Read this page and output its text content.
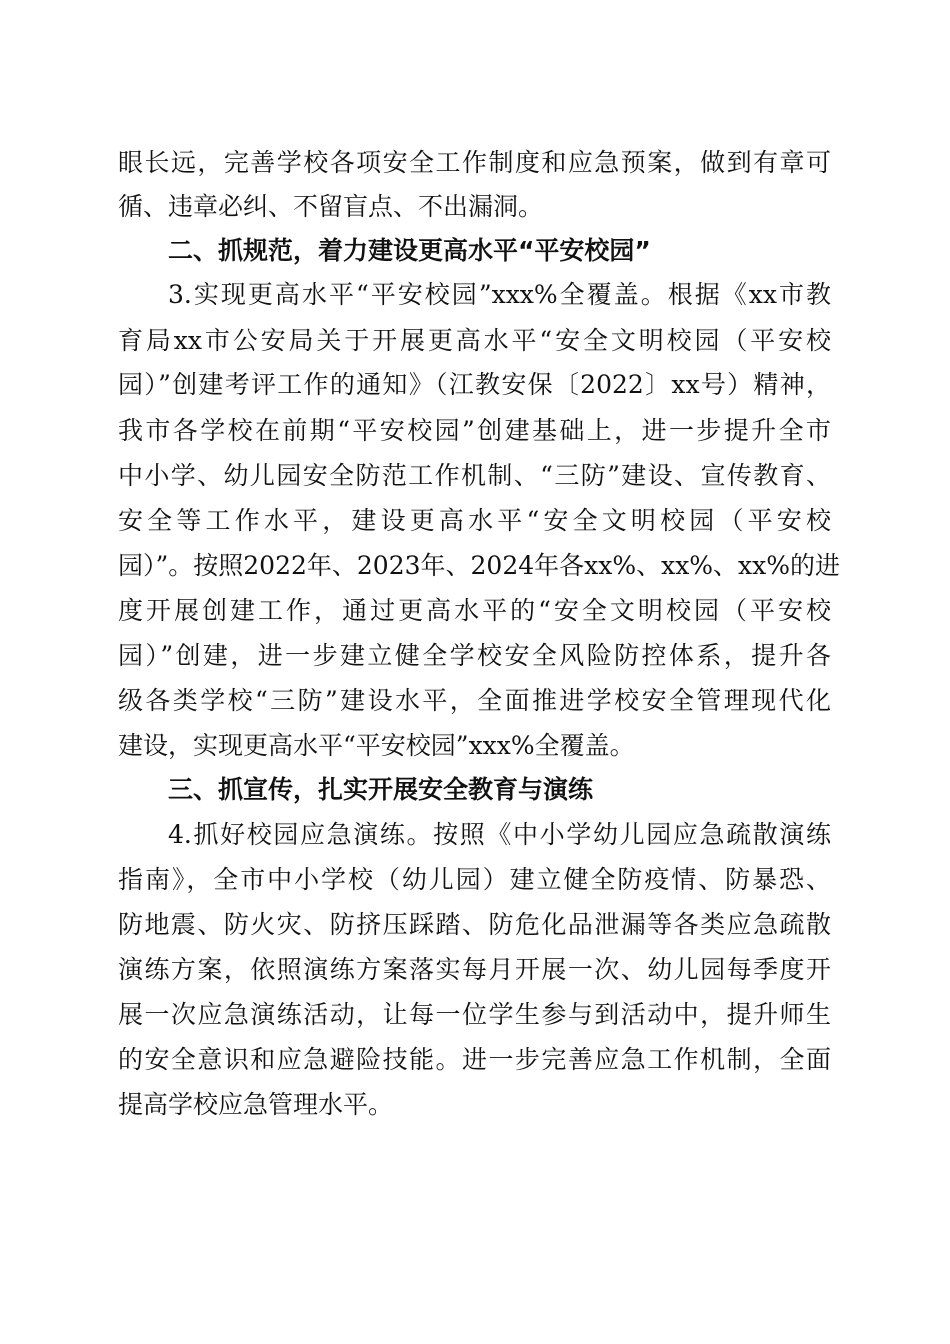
眼长远，完善学校各项安全工作制度和应急预案，做到有章可
循、违章必纠、不留盲点、不出漏洞。
二、抓规范，着力建设更高水平“平安校园”
3.实现更高水平“平安校园”xxx%全覆盖。根据《xx市教
育局xx市公安局关于开展更高水平“安全文明校园（平安校
园）”创建考评工作的通知》（江教安保〔2022〕xx号）精神，
我市各学校在前期“平安校园”创建基础上，进一步提升全市
中小学、幼儿园安全防范工作机制、“三防”建设、宣传教育、
安全等工作水平，建设更高水平“安全文明校园（平安校
园）”。按照2022年、2023年、2024年各xx%、xx%、xx%的进
度开展创建工作，通过更高水平的“安全文明校园（平安校
园）”创建，进一步建立健全学校安全风险防控体系，提升各
级各类学校“三防”建设水平，全面推进学校安全管理现代化
建设，实现更高水平“平安校园”xxx%全覆盖。
三、抓宣传，扎实开展安全教育与演练
4.抓好校园应急演练。按照《中小学幼儿园应急疏散演练
指南》，全市中小学校（幼儿园）建立健全防疫情、防暴恐、
防地震、防火灾、防挤压踩踏、防危化品泄漏等各类应急疏散
演练方案，依照演练方案落实每月开展一次、幼儿园每季度开
展一次应急演练活动，让每一位学生参与到活动中，提升师生
的安全意识和应急避险技能。进一步完善应急工作机制，全面
提高学校应急管理水平。
